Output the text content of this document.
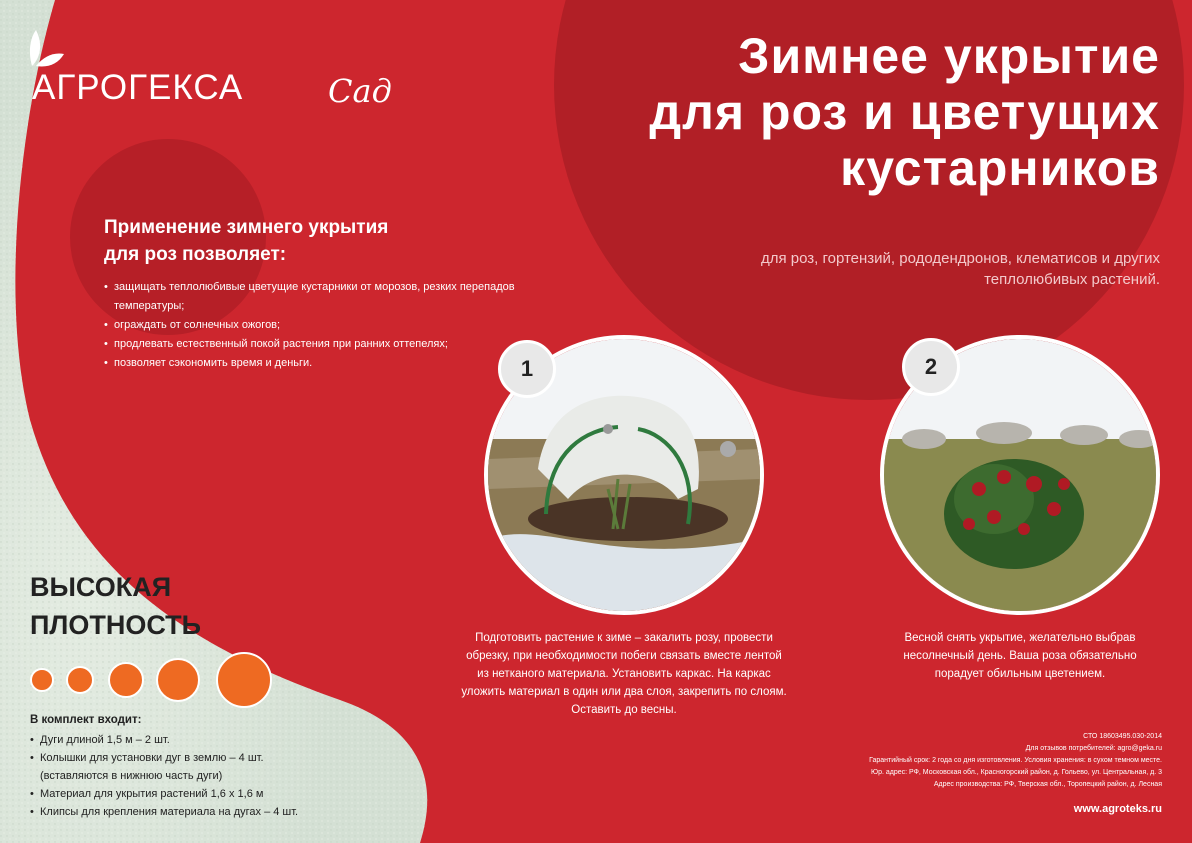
АГРОГЕКСА	Сад
Зимнее укрытие
для роз и цветущих
кустарников
для роз, гортензий, рододендронов, клематисов и других
теплолюбивых растений.
Применение зимнего укрытия
для роз позволяет:
• защищать теплолюбивые цветущие кустарники от морозов, резких перепадов температуры;
• ограждать от солнечных ожогов;
• продлевать естественный покой растения при ранних оттепелях;
• позволяет сэкономить время и деньги.	1	2
Подготовить растение к зиме – закалить розу, провести
обрезку, при необходимости побеги связать вместе лентой
из нетканого материала. Установить каркас. На каркас
уложить материал в один или два слоя, закрепить по слоям.
Оставить до весны.
Весной снять укрытие, желательно выбрав
несолнечный день. Ваша роза обязательно
порадует обильным цветением.
ВЫСОКАЯ
ПЛОТНОСТЬ
В комплект входит:
• Дуги длиной 1,5 м – 2 шт.
• Колышки для установки дуг в землю – 4 шт.
(вставляются в нижнюю часть дуги)
• Материал для укрытия растений 1,6 х 1,6 м
• Клипсы для крепления материала на дугах – 4 шт.
СТО 18603495.030-2014
Для отзывов потребителей: agro@geka.ru
Гарантийный срок: 2 года со дня изготовления. Условия хранения: в сухом темном месте.
Юр. адрес: РФ, Московская обл., Красногорский район, д. Гольево, ул. Центральная, д. 3
Адрес производства: РФ, Тверская обл., Торопецкий район, д. Лесная
www.agroteks.ru
